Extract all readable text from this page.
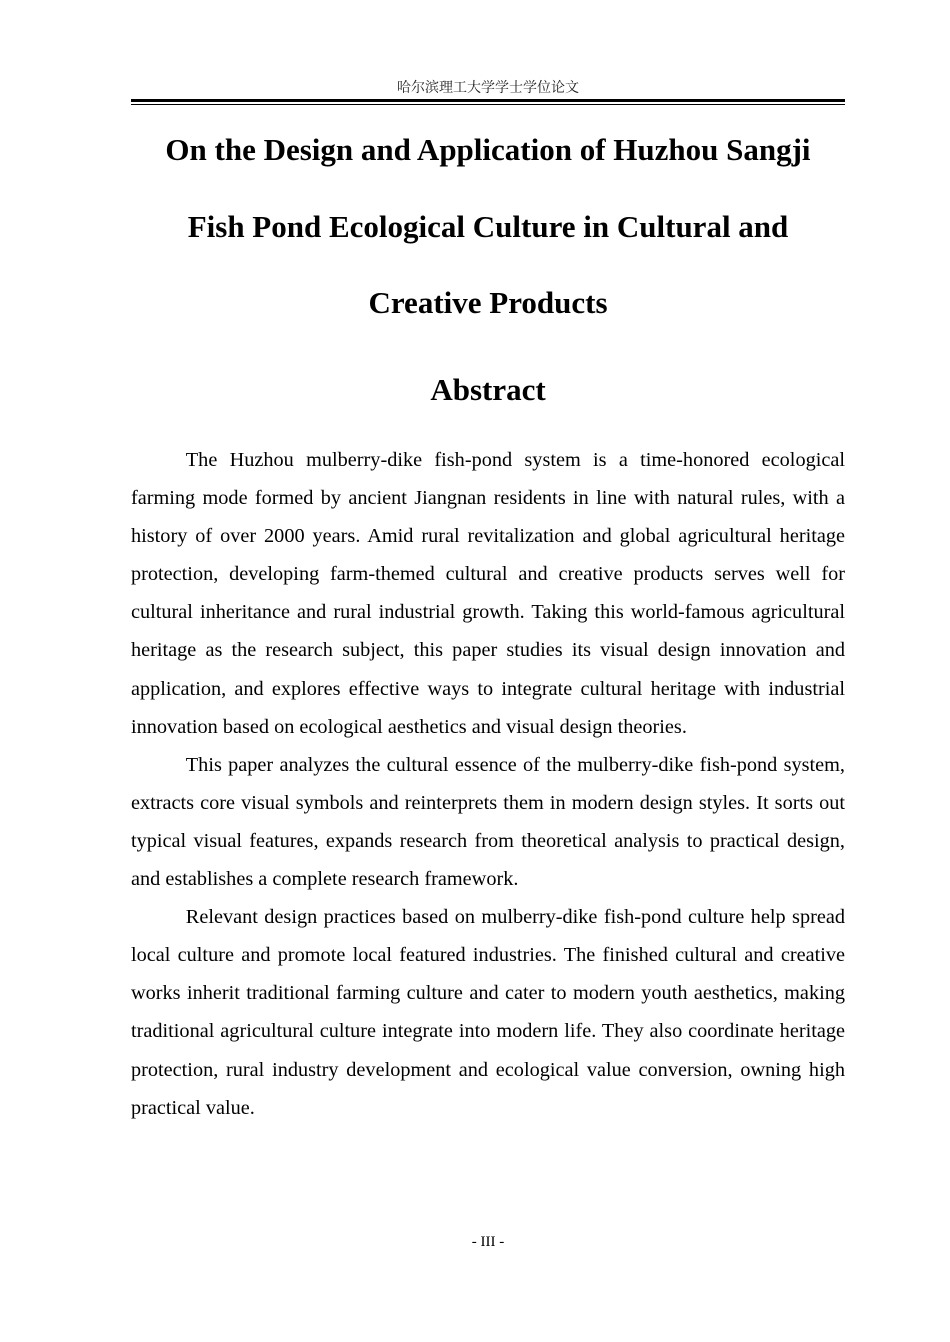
哈尔滨理工大学学士学位论文
On the Design and Application of Huzhou Sangji
Fish Pond Ecological Culture in Cultural and
Creative Products
Abstract

The Huzhou mulberry-dike fish-pond system is a time-honored ecological farming mode formed by ancient Jiangnan residents in line with natural rules, with a history of over 2000 years. Amid rural revitalization and global agricultural heritage protection, developing farm-themed cultural and creative products serves well for cultural inheritance and rural industrial growth. Taking this world-famous agricultural heritage as the research subject, this paper studies its visual design innovation and application, and explores effective ways to integrate cultural heritage with industrial innovation based on ecological aesthetics and visual design theories.

This paper analyzes the cultural essence of the mulberry-dike fish-pond system, extracts core visual symbols and reinterprets them in modern design styles. It sorts out typical visual features, expands research from theoretical analysis to practical design, and establishes a complete research framework.

Relevant design practices based on mulberry-dike fish-pond culture help spread local culture and promote local featured industries. The finished cultural and creative works inherit traditional farming culture and cater to modern youth aesthetics, making traditional agricultural culture integrate into modern life. They also coordinate heritage protection, rural industry development and ecological value conversion, owning high practical value.

- III -
